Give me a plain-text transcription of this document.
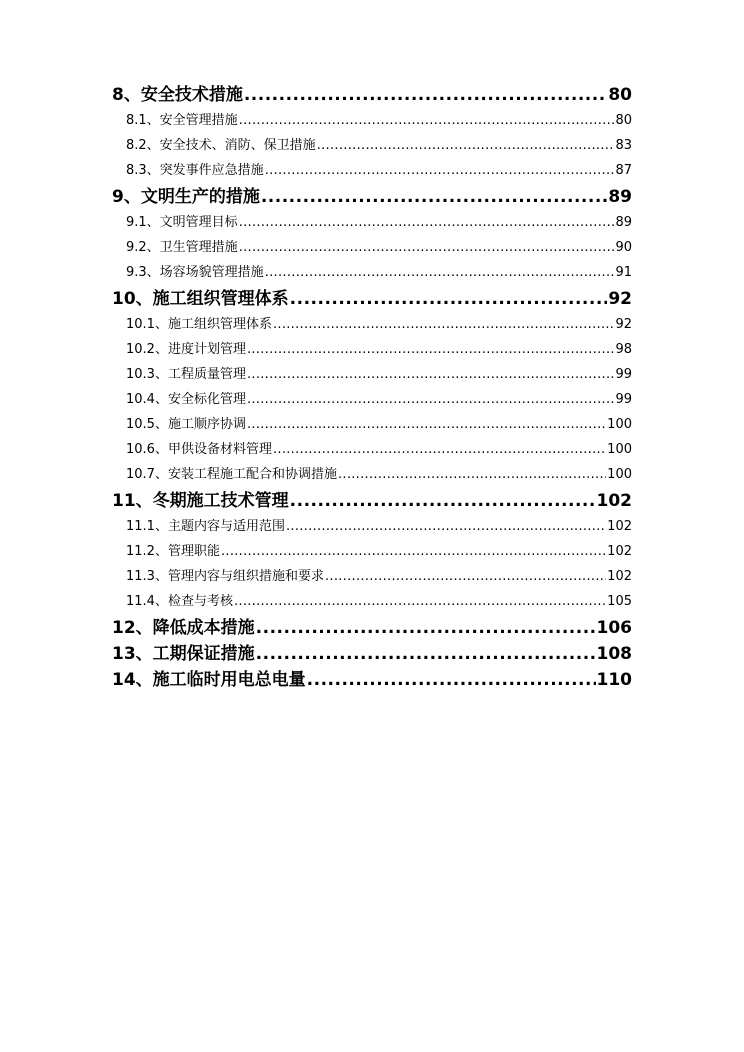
8、安全技术措施 .....	80
8.1、安全管理措施 .....	80
8.2、安全技术、消防、保卫措施 .....	83
8.3、突发事件应急措施 .....	87
9、文明生产的措施 .....	89
9.1、文明管理目标 .....	89
9.2、卫生管理措施 .....	90
9.3、场容场貌管理措施 .....	91
10、施工组织管理体系 .....	92
10.1、施工组织管理体系 .....	92
10.2、进度计划管理 .....	98
10.3、工程质量管理 .....	99
10.4、安全标化管理 .....	99
10.5、施工顺序协调 .....	100
10.6、甲供设备材料管理 .....	100
10.7、安装工程施工配合和协调措施 .....	100
11、冬期施工技术管理 .....	102
11.1、主题内容与适用范围 .....	102
11.2、管理职能 .....	102
11.3、管理内容与组织措施和要求 .....	102
11.4、检查与考核 .....	105
12、降低成本措施 .....	106
13、工期保证措施 .....	108
14、施工临时用电总电量 .....	110
